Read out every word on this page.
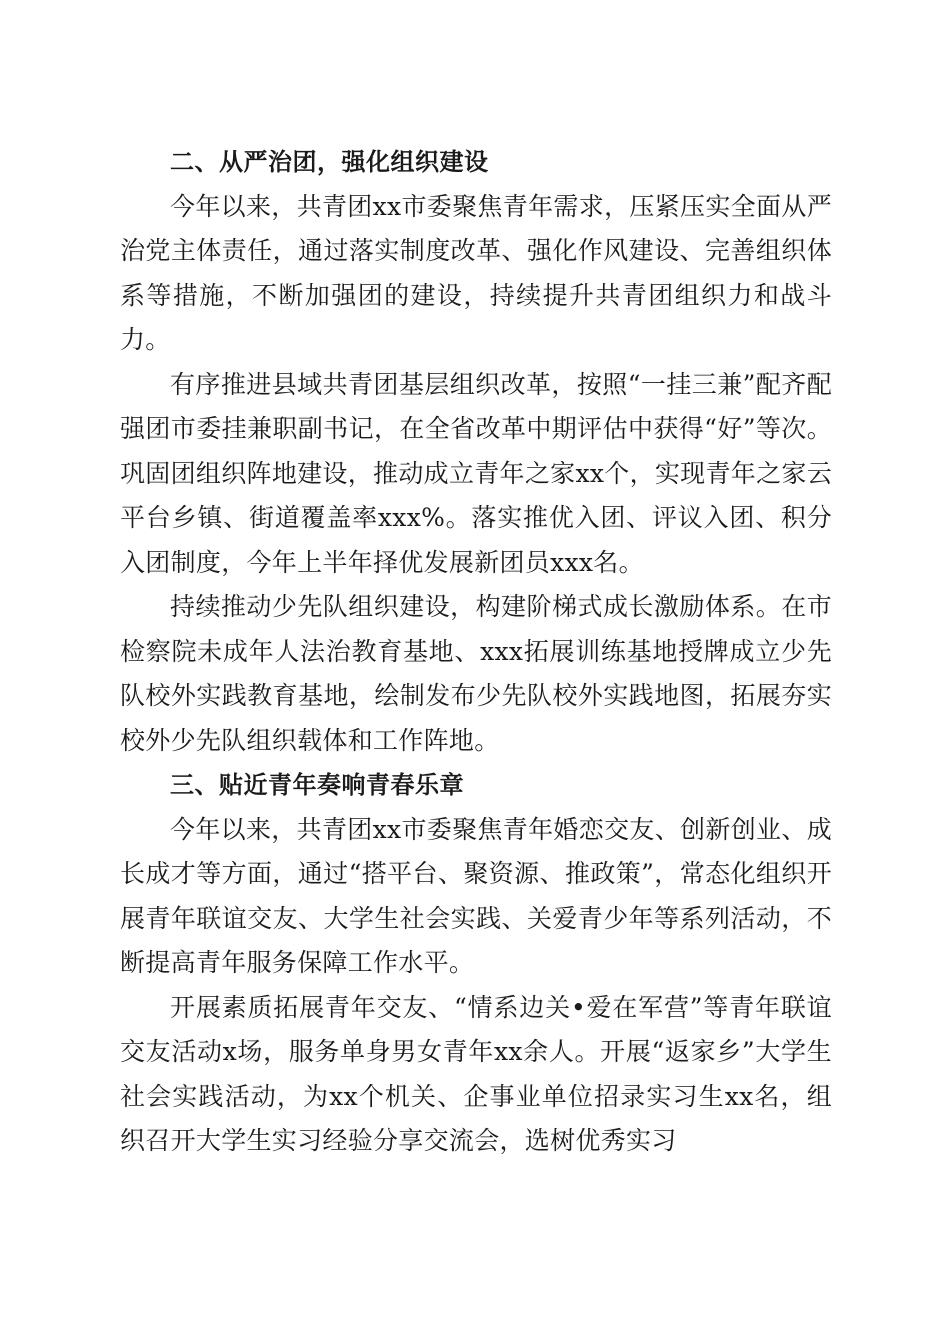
二、从严治团，强化组织建设

今年以来，共青团xx市委聚焦青年需求，压紧压实全面从严治党主体责任，通过落实制度改革、强化作风建设、完善组织体系等措施，不断加强团的建设，持续提升共青团组织力和战斗力。

有序推进县域共青团基层组织改革，按照“一挂三兼”配齐配强团市委挂兼职副书记，在全省改革中期评估中获得“好”等次。巩固团组织阵地建设，推动成立青年之家xx个，实现青年之家云平台乡镇、街道覆盖率xxx%。落实推优入团、评议入团、积分入团制度，今年上半年择优发展新团员xxx名。

持续推动少先队组织建设，构建阶梯式成长激励体系。在市检察院未成年人法治教育基地、xxx拓展训练基地授牌成立少先队校外实践教育基地，绘制发布少先队校外实践地图，拓展夯实校外少先队组织载体和工作阵地。

三、贴近青年奏响青春乐章

今年以来，共青团xx市委聚焦青年婚恋交友、创新创业、成长成才等方面，通过“搭平台、聚资源、推政策”，常态化组织开展青年联谊交友、大学生社会实践、关爱青少年等系列活动，不断提高青年服务保障工作水平。

开展素质拓展青年交友、“情系边关•爱在军营”等青年联谊交友活动x场，服务单身男女青年xx余人。开展“返家乡”大学生社会实践活动，为xx个机关、企事业单位招录实习生xx名，组织召开大学生实习经验分享交流会，选树优秀实习
